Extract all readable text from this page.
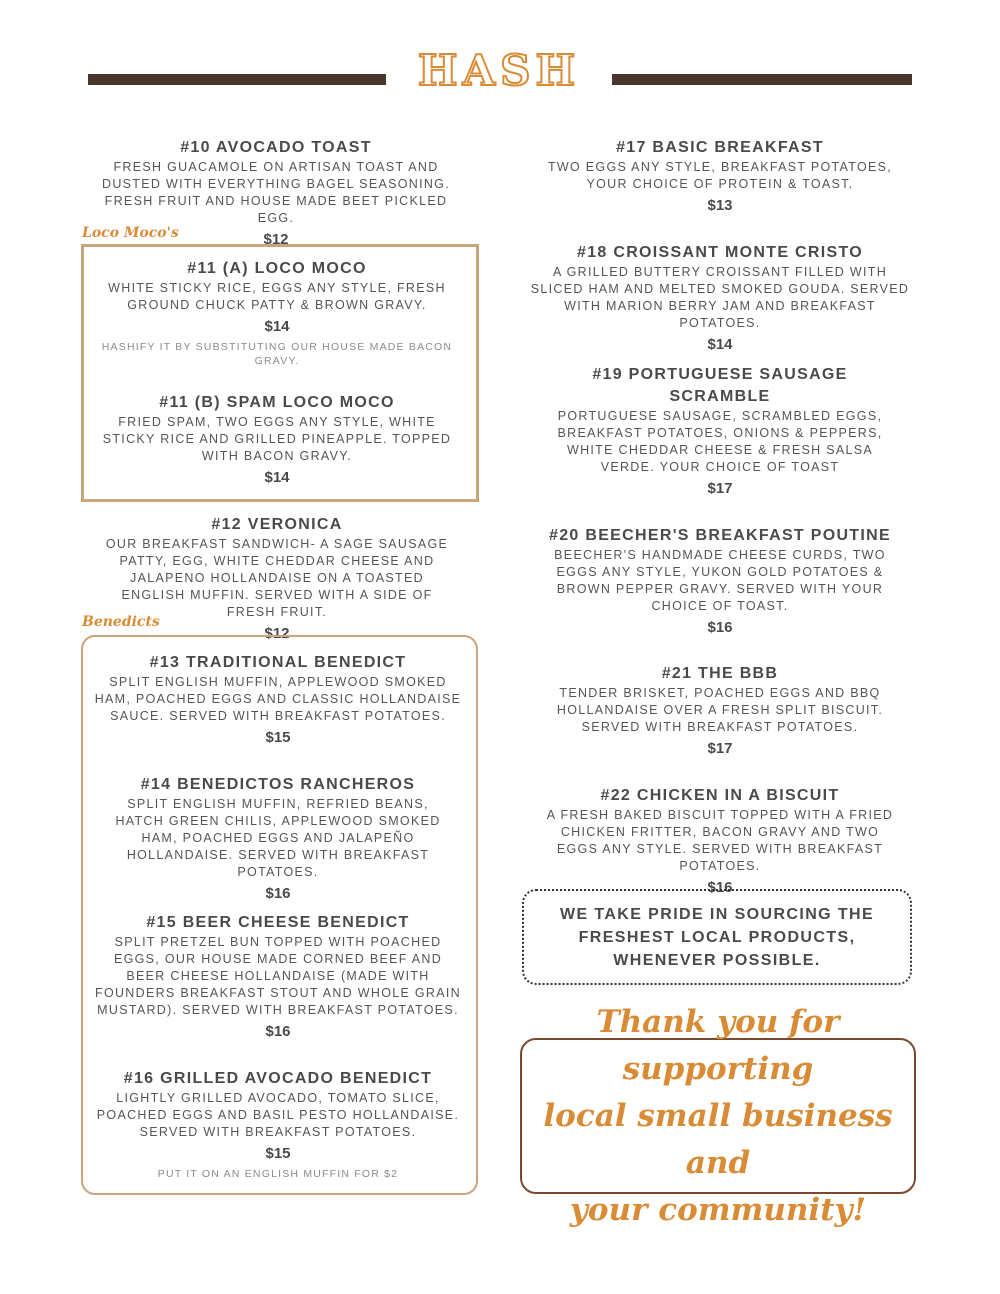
HASH
#10 AVOCADO TOAST
FRESH GUACAMOLE ON ARTISAN TOAST AND DUSTED WITH EVERYTHING BAGEL SEASONING. FRESH FRUIT AND HOUSE MADE BEET PICKLED EGG.
$12
Loco Moco's
#11 (A) LOCO MOCO
WHITE STICKY RICE, EGGS ANY STYLE, FRESH GROUND CHUCK PATTY & BROWN GRAVY.
$14
HASHIFY IT BY SUBSTITUTING OUR HOUSE MADE BACON GRAVY.
#11 (B) SPAM LOCO MOCO
FRIED SPAM, TWO EGGS ANY STYLE, WHITE STICKY RICE AND GRILLED PINEAPPLE. TOPPED WITH BACON GRAVY.
$14
#12 VERONICA
OUR BREAKFAST SANDWICH- A SAGE SAUSAGE PATTY, EGG, WHITE CHEDDAR CHEESE AND JALAPENO HOLLANDAISE ON A TOASTED ENGLISH MUFFIN. SERVED WITH A SIDE OF FRESH FRUIT.
$12
Benedicts
#13 TRADITIONAL BENEDICT
SPLIT ENGLISH MUFFIN, APPLEWOOD SMOKED HAM, POACHED EGGS AND CLASSIC HOLLANDAISE SAUCE. SERVED WITH BREAKFAST POTATOES.
$15
#14 BENEDICTOS RANCHEROS
SPLIT ENGLISH MUFFIN, REFRIED BEANS, HATCH GREEN CHILIS, APPLEWOOD SMOKED HAM, POACHED EGGS AND JALAPEÑO HOLLANDAISE. SERVED WITH BREAKFAST POTATOES.
$16
#15 BEER CHEESE BENEDICT
SPLIT PRETZEL BUN TOPPED WITH POACHED EGGS, OUR HOUSE MADE CORNED BEEF AND BEER CHEESE HOLLANDAISE (MADE WITH FOUNDERS BREAKFAST STOUT AND WHOLE GRAIN MUSTARD). SERVED WITH BREAKFAST POTATOES.
$16
#16 GRILLED AVOCADO BENEDICT
LIGHTLY GRILLED AVOCADO, TOMATO SLICE, POACHED EGGS AND BASIL PESTO HOLLANDAISE. SERVED WITH BREAKFAST POTATOES.
$15
PUT IT ON AN ENGLISH MUFFIN FOR $2
#17 BASIC BREAKFAST
TWO EGGS ANY STYLE, BREAKFAST POTATOES, YOUR CHOICE OF PROTEIN & TOAST.
$13
#18 CROISSANT MONTE CRISTO
A GRILLED BUTTERY CROISSANT FILLED WITH SLICED HAM AND MELTED SMOKED GOUDA. SERVED WITH MARION BERRY JAM AND BREAKFAST POTATOES.
$14
#19 PORTUGUESE SAUSAGE SCRAMBLE
PORTUGUESE SAUSAGE, SCRAMBLED EGGS, BREAKFAST POTATOES, ONIONS & PEPPERS, WHITE CHEDDAR CHEESE & FRESH SALSA VERDE. YOUR CHOICE OF TOAST
$17
#20 BEECHER'S BREAKFAST POUTINE
BEECHER'S HANDMADE CHEESE CURDS, TWO EGGS ANY STYLE, YUKON GOLD POTATOES & BROWN PEPPER GRAVY. SERVED WITH YOUR CHOICE OF TOAST.
$16
#21 THE BBB
TENDER BRISKET, POACHED EGGS AND BBQ HOLLANDAISE OVER A FRESH SPLIT BISCUIT. SERVED WITH BREAKFAST POTATOES.
$17
#22 CHICKEN IN A BISCUIT
A FRESH BAKED BISCUIT TOPPED WITH A FRIED CHICKEN FRITTER, BACON GRAVY AND TWO EGGS ANY STYLE. SERVED WITH BREAKFAST POTATOES.
$16
WE TAKE PRIDE IN SOURCING THE
FRESHEST LOCAL PRODUCTS,
WHENEVER POSSIBLE.
Thank you for supporting
local small business and
your community!
